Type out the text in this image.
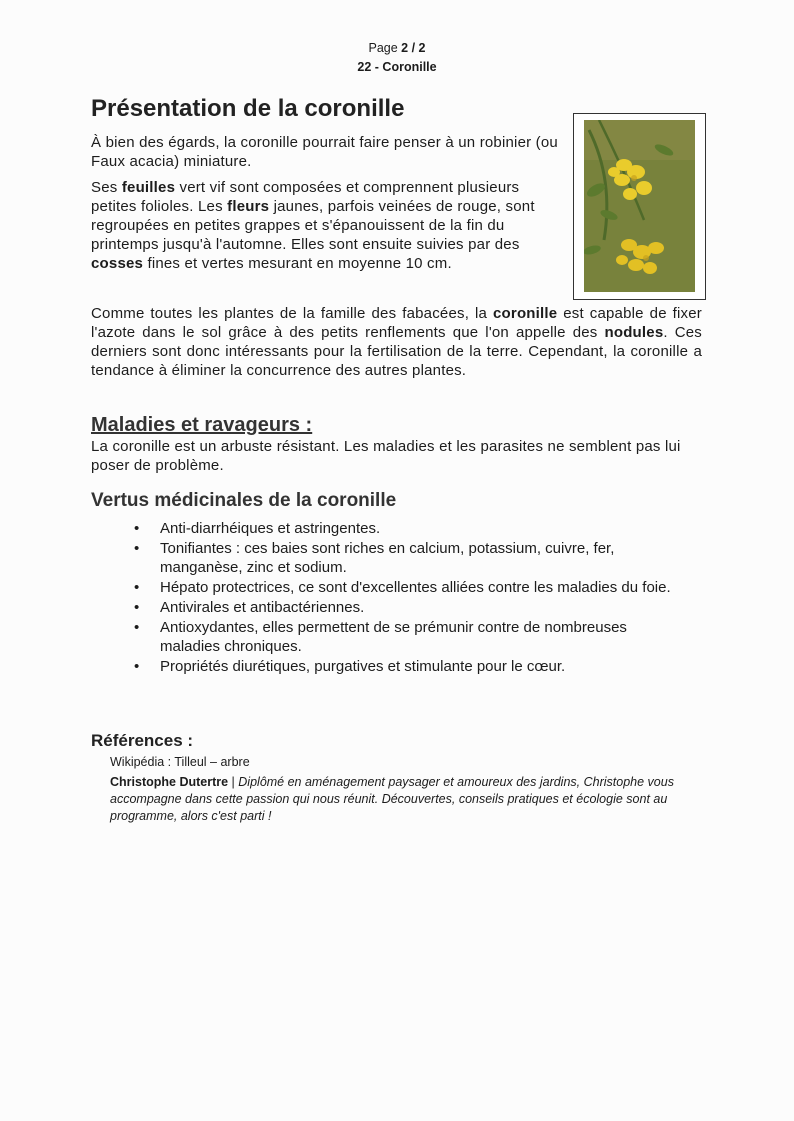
Page 2 / 2
22 - Coronille
Présentation de la coronille

À bien des égards, la coronille pourrait faire penser à un robinier (ou Faux acacia) miniature.

Ses feuilles vert vif sont composées et comprennent plusieurs petites folioles. Les fleurs jaunes, parfois veinées de rouge, sont regroupées en petites grappes et s'épanouissent de la fin du printemps jusqu'à l'automne. Elles sont ensuite suivies par des cosses fines et vertes mesurant en moyenne 10 cm.

Comme toutes les plantes de la famille des fabacées, la coronille est capable de fixer l'azote dans le sol grâce à des petits renflements que l'on appelle des nodules. Ces derniers sont donc intéressants pour la fertilisation de la terre. Cependant, la coronille a tendance à éliminer la concurrence des autres plantes.

Maladies et ravageurs :

La coronille est un arbuste résistant. Les maladies et les parasites ne semblent pas lui poser de problème.

Vertus médicinales de la coronille
• Anti-diarrhéiques et astringentes.
• Tonifiantes : ces baies sont riches en calcium, potassium, cuivre, fer, manganèse, zinc et sodium.
• Hépato protectrices, ce sont d'excellentes alliées contre les maladies du foie.
• Antivirales et antibactériennes.
• Antioxydantes, elles permettent de se prémunir contre de nombreuses maladies chroniques.
• Propriétés diurétiques, purgatives et stimulante pour le cœur.
Références :

Wikipédia : Tilleul – arbre

Christophe Dutertre | Diplômé en aménagement paysager et amoureux des jardins, Christophe vous accompagne dans cette passion qui nous réunit. Découvertes, conseils pratiques et écologie sont au programme, alors c'est parti !
